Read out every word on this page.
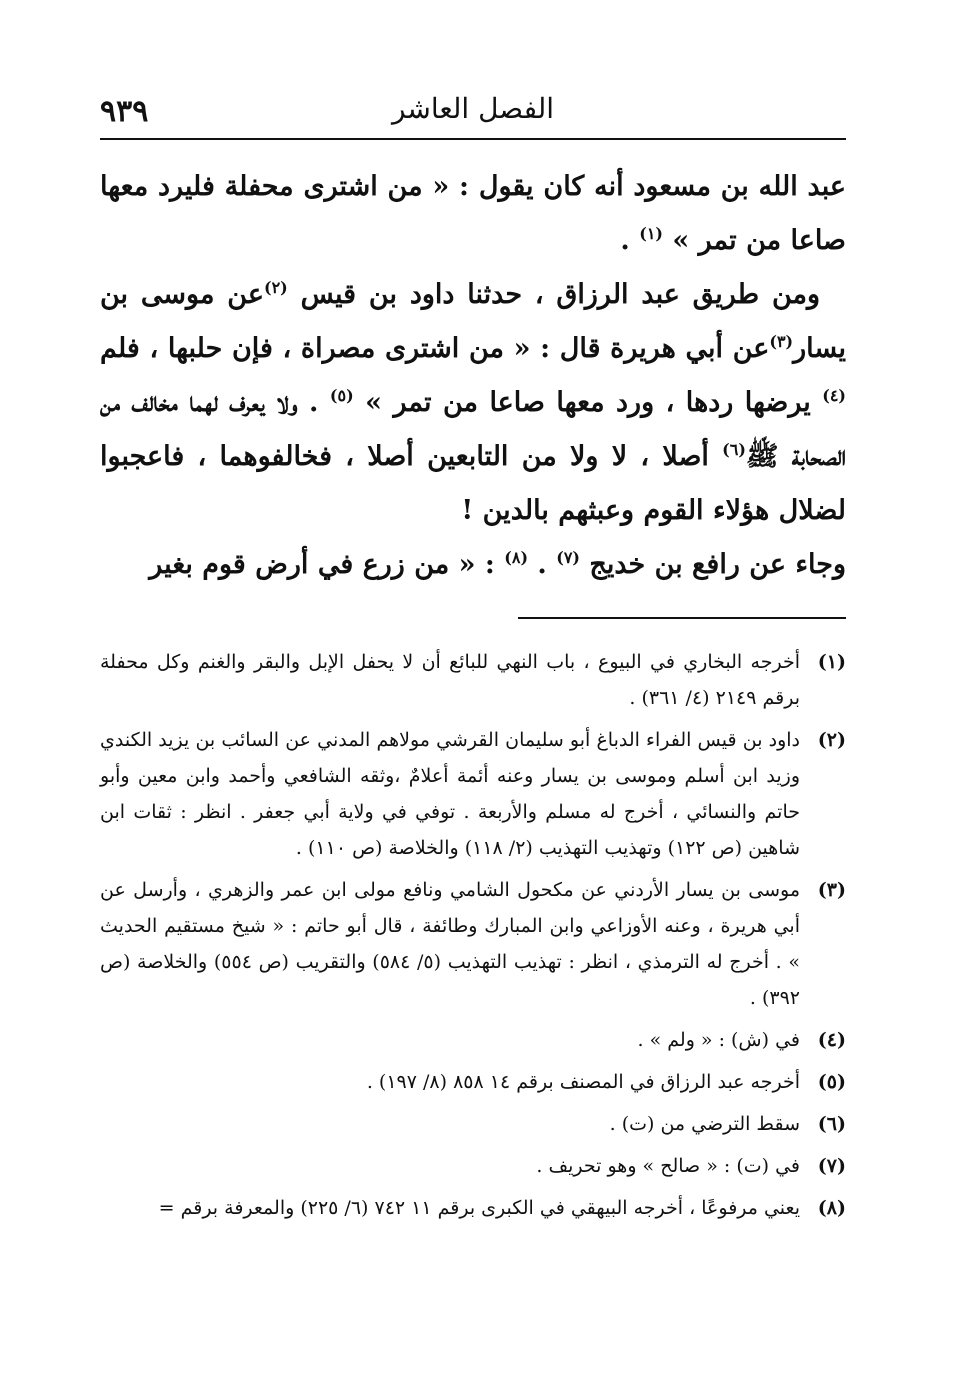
٩٣٩	الفصل العاشر

عبد الله بن مسعود أنه كان يقول : « من اشترى محفلة فليرد معها صاعا من تمر » $^{(١)}$ .

ومن طريق عبد الرزاق ، حدثنا داود بن قيس $^{(٢)}$عن موسى بن يسار$^{(٣)}$عن أبي هريرة قال : « من اشترى مصراة ، فإن حلبها ، فلم $^{(٤)}$ يرضها ردها ، ورد معها صاعا من تمر » $^{(٥)}$ . ولا يعرف لهما مخالف من الصحابة ﷺ$^{(٦)}$ أصلا ، لا ولا من التابعين أصلا ، فخالفوهما ، فاعجبوا لضلال هؤلاء القوم وعبثهم بالدين !

وجاء عن رافع بن خديج $^{(٧)}$ . $^{(٨)}$ : « من زرع في أرض قوم بغير

(١)
أخرجه البخاري في البيوع ، باب النهي للبائع أن لا يحفل الإبل والبقر والغنم وكل محفلة برقم ٢١٤٩ (٤/ ٣٦١) .
(٢)
داود بن قيس الفراء الدباغ أبو سليمان القرشي مولاهم المدني عن السائب بن يزيد الكندي وزيد ابن أسلم وموسى بن يسار وعنه أئمة أعلامٌ ،وثقه الشافعي وأحمد وابن معين وأبو حاتم والنسائي ، أخرج له مسلم والأربعة . توفي في ولاية أبي جعفر . انظر : ثقات ابن شاهين (ص ١٢٢) وتهذيب التهذيب (٢/ ١١٨) والخلاصة (ص ١١٠) .
(٣)
موسى بن يسار الأردني عن مكحول الشامي ونافع مولى ابن عمر والزهري ، وأرسل عن أبي هريرة ، وعنه الأوزاعي وابن المبارك وطائفة ، قال أبو حاتم : « شيخ مستقيم الحديث » . أخرج له الترمذي ، انظر : تهذيب التهذيب (٥/ ٥٨٤) والتقريب (ص ٥٥٤) والخلاصة (ص ٣٩٢) .
(٤)
في (ش) : « ولم » .
(٥)
أخرجه عبد الرزاق في المصنف برقم ١٤ ٨٥٨ (٨/ ١٩٧) .
(٦)
سقط الترضي من (ت) .
(٧)
في (ت) : « صالح » وهو تحريف .
(٨)
يعني مرفوعًا ، أخرجه البيهقي في الكبرى برقم ١١ ٧٤٢ (٦/ ٢٢٥) والمعرفة برقم =
